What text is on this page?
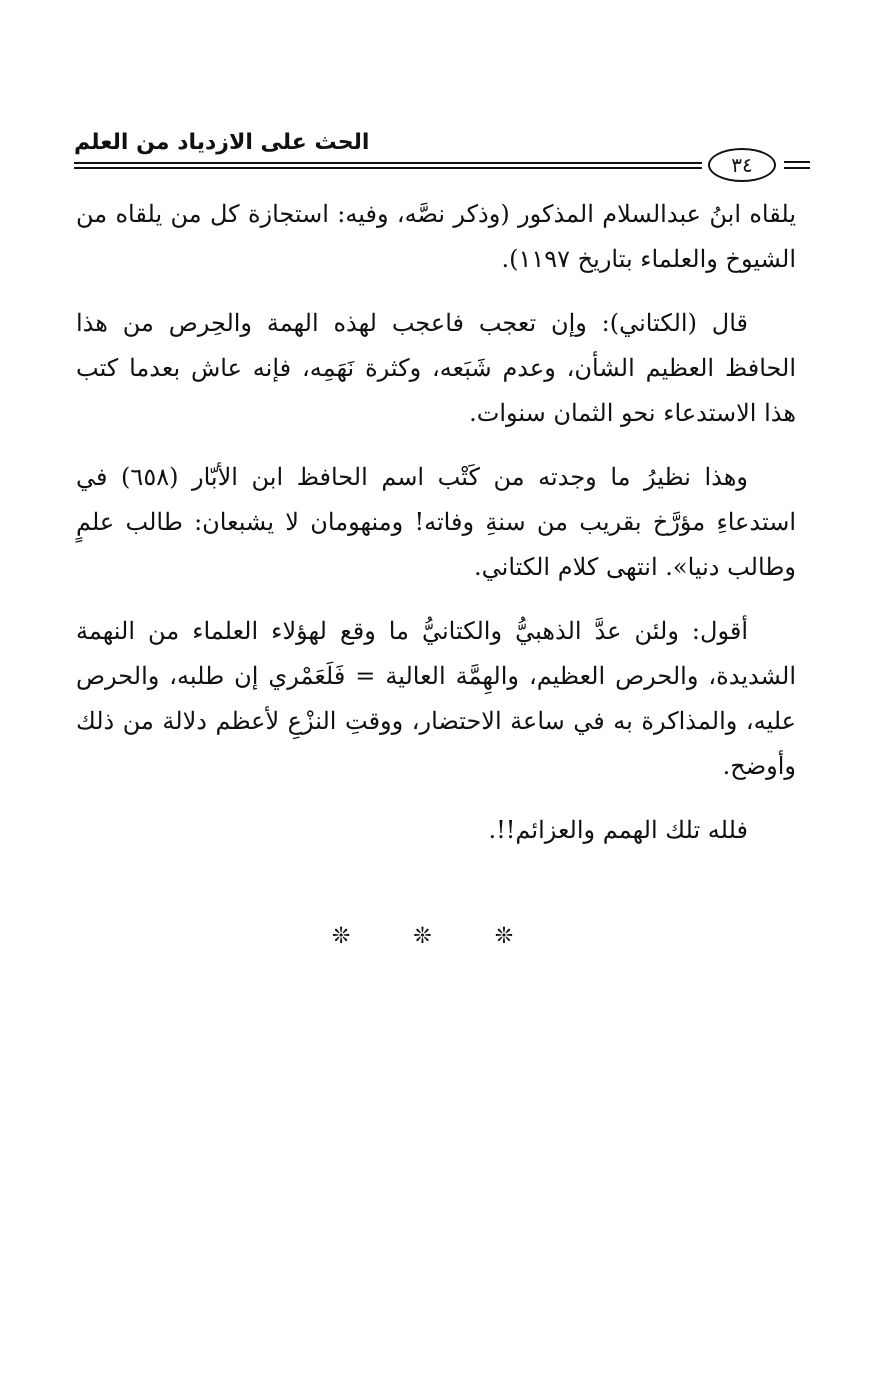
الحث على الازدياد من العلم
٣٤

يلقاه ابنُ عبدالسلام المذكور (وذكر نصَّه، وفيه: استجازة كل من يلقاه من الشيوخ والعلماء بتاريخ ١١٩٧).

قال (الكتاني): وإن تعجب فاعجب لهذه الهمة والحِرص من هذا الحافظ العظيم الشأن، وعدم شَبَعه، وكثرة نَهَمِه، فإنه عاش بعدما كتب هذا الاستدعاء نحو الثمان سنوات.

وهذا نظيرُ ما وجدته من كَتْب اسم الحافظ ابن الأبّار (٦٥٨) في استدعاءِ مؤرَّخ بقريب من سنةِ وفاته! ومنهومان لا يشبعان: طالب علمٍ وطالب دنيا». انتهى كلام الكتاني.

أقول: ولئن عدَّ الذهبيُّ والكتانيُّ ما وقع لهؤلاء العلماء من النهمة الشديدة، والحرص العظيم، والهِمَّة العالية = فَلَعَمْري إن طلبه، والحرص عليه، والمذاكرة به في ساعة الاحتضار، ووقتِ النزْعِ لأعظم دلالة من ذلك وأوضح.

فلله تلك الهمم والعزائم!!.

❊ ❊ ❊
